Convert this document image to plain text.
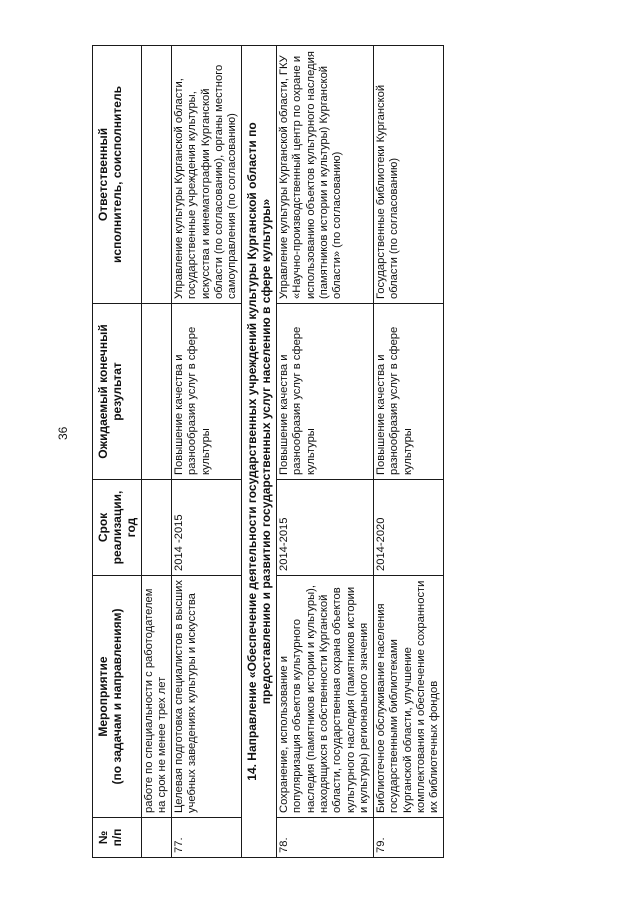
36
№ п/п	Мероприятие (по задачам и направлениям)	Срок реализации, год	Ожидаемый конечный результат	Ответственный исполнитель, соисполнитель

	работе по специальности с работодателем на срок не менее трех лет			
77.	Целевая подготовка специалистов в высших учебных заведениях культуры и искусства	2014 -2015	Повышение качества и разнообразия услуг в сфере культуры	Управление культуры Курганской области, государственные учреждения культуры, искусства и кинематографии Курганской области (по согласованию), органы местного самоуправления (по согласованию)

14. Направление «Обеспечение деятельности государственных учреждений культуры Курганской области по предоставлению и развитию государственных услуг населению в сфере культуры»				

78.	Сохранение, использование и популяризация объектов культурного наследия (памятников истории и культуры), находящихся в собственности Курганской области, государственная охрана объектов культурного наследия (памятников истории и культуры) регионального значения	2014-2015	Повышение качества и разнообразия услуг в сфере культуры	Управление культуры Курганской области, ГКУ «Научно-производственный центр по охране и использованию объектов культурного наследия (памятников истории и культуры) Курганской области» (по согласованию)
79.	Библиотечное обслуживание населения государственными библиотеками Курганской области, улучшение комплектования и обеспечение сохранности их библиотечных фондов	2014-2020	Повышение качества и разнообразия услуг в сфере культуры	Государственные библиотеки Курганской области (по согласованию)
